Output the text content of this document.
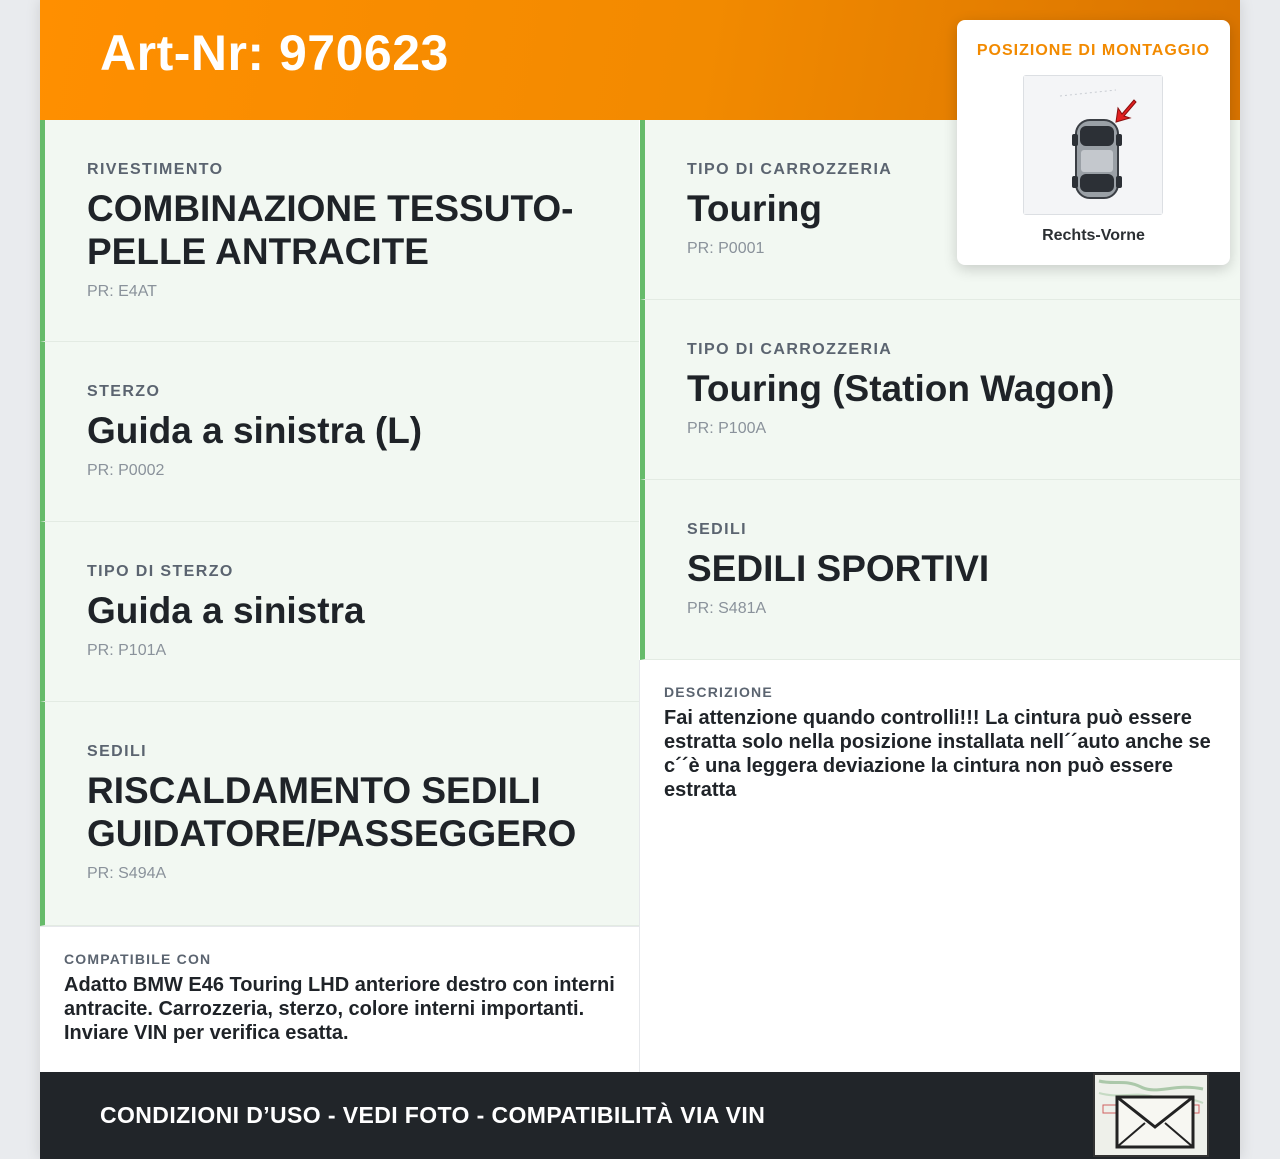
Art-Nr: 970623
RIVESTIMENTO
COMBINAZIONE TESSUTO-PELLE ANTRACITE
PR: E4AT
STERZO
Guida a sinistra (L)
PR: P0002
TIPO DI STERZO
Guida a sinistra
PR: P101A
SEDILI
RISCALDAMENTO SEDILI GUIDATORE/PASSEGGERO
PR: S494A
TIPO DI CARROZZERIA
Touring
PR: P0001
TIPO DI CARROZZERIA
Touring (Station Wagon)
PR: P100A
SEDILI
SEDILI SPORTIVI
PR: S481A
COMPATIBILE CON
Adatto BMW E46 Touring LHD anteriore destro con interni antracite. Carrozzeria, sterzo, colore interni importanti. Inviare VIN per verifica esatta.
DESCRIZIONE
Fai attenzione quando controlli!!! La cintura può essere estratta solo nella posizione installata nell´´auto anche se c´´è una leggera deviazione la cintura non può essere estratta
CONDIZIONI D’USO - VEDI FOTO - COMPATIBILITÀ VIA VIN
POSIZIONE DI MONTAGGIO
Rechts-Vorne
